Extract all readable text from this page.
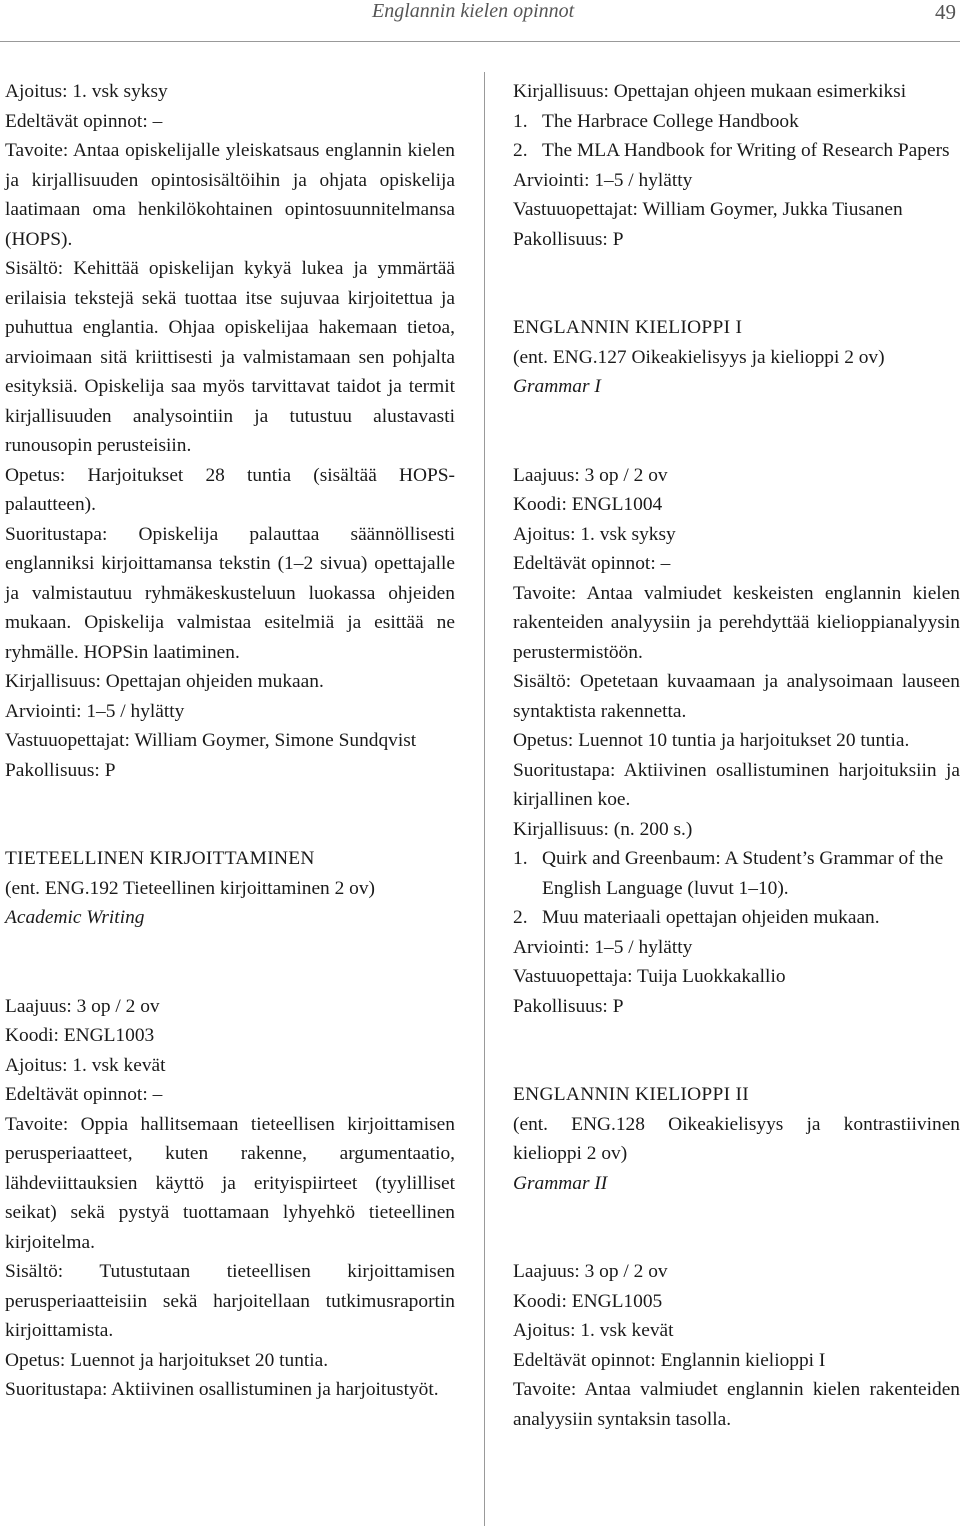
Englannin kielen opinnot	49

Ajoitus: 1. vsk syksy

Edeltävät opinnot: –

Tavoite: Antaa opiskelijalle yleiskatsaus englannin kielen ja kirjallisuuden opintosisältöihin ja ohjata opiskelija laatimaan oma henkilökohtainen opintosuunnitelmansa (HOPS).

Sisältö: Kehittää opiskelijan kykyä lukea ja ymmärtää erilaisia tekstejä sekä tuottaa itse sujuvaa kirjoitettua ja puhuttua englantia. Ohjaa opiskelijaa hakemaan tietoa, arvioimaan sitä kriittisesti ja valmistamaan sen pohjalta esityksiä. Opiskelija saa myös tarvittavat taidot ja termit kirjallisuuden analysointiin ja tutustuu alustavasti runousopin perusteisiin.

Opetus: Harjoitukset 28 tuntia (sisältää HOPS-palautteen).

Suoritustapa: Opiskelija palauttaa säännöllisesti englanniksi kirjoittamansa tekstin (1–2 sivua) opettajalle ja valmistautuu ryhmäkeskusteluun luokassa ohjeiden mukaan. Opiskelija valmistaa esitelmiä ja esittää ne ryhmälle. HOPSin laatiminen.

Kirjallisuus: Opettajan ohjeiden mukaan.

Arviointi: 1–5 / hylätty

Vastuuopettajat: William Goymer, Simone Sundqvist

Pakollisuus: P

TIETEELLINEN KIRJOITTAMINEN

(ent. ENG.192 Tieteellinen kirjoittaminen 2 ov)

Academic Writing

Laajuus: 3 op / 2 ov

Koodi: ENGL1003

Ajoitus: 1. vsk kevät

Edeltävät opinnot: –

Tavoite: Oppia hallitsemaan tieteellisen kirjoittamisen perusperiaatteet, kuten rakenne, argumentaatio, lähdeviittauksien käyttö ja erityispiirteet (tyylilliset seikat) sekä pystyä tuottamaan lyhyehkö tieteellinen kirjoitelma.

Sisältö: Tutustutaan tieteellisen kirjoittamisen perusperiaatteisiin sekä harjoitellaan tutkimusraportin kirjoittamista.

Opetus: Luennot ja harjoitukset 20 tuntia.

Suoritustapa: Aktiivinen osallistuminen ja harjoitustyöt.

Kirjallisuus: Opettajan ohjeen mukaan esimerkiksi

1. The Harbrace College Handbook

2. The MLA Handbook for Writing of Research Papers

Arviointi: 1–5 / hylätty

Vastuuopettajat: William Goymer, Jukka Tiusanen

Pakollisuus: P

ENGLANNIN KIELIOPPI I

(ent. ENG.127 Oikeakielisyys ja kielioppi 2 ov)

Grammar I

Laajuus: 3 op / 2 ov

Koodi: ENGL1004

Ajoitus: 1. vsk syksy

Edeltävät opinnot: –

Tavoite: Antaa valmiudet keskeisten englannin kielen rakenteiden analyysiin ja perehdyttää kielioppianalyysin perustermistöön.

Sisältö: Opetetaan kuvaamaan ja analysoimaan lauseen syntaktista rakennetta.

Opetus: Luennot 10 tuntia ja harjoitukset 20 tuntia.

Suoritustapa: Aktiivinen osallistuminen harjoituksiin ja kirjallinen koe.

Kirjallisuus: (n. 200 s.)

1. Quirk and Greenbaum: A Student’s Grammar of the English Language (luvut 1–10).

2. Muu materiaali opettajan ohjeiden mukaan.

Arviointi: 1–5 / hylätty

Vastuuopettaja: Tuija Luokkakallio

Pakollisuus: P

ENGLANNIN KIELIOPPI II

(ent. ENG.128 Oikeakielisyys ja kontrastiivinen kielioppi 2 ov)

Grammar II

Laajuus: 3 op / 2 ov

Koodi: ENGL1005

Ajoitus: 1. vsk kevät

Edeltävät opinnot: Englannin kielioppi I

Tavoite: Antaa valmiudet englannin kielen rakenteiden analyysiin syntaksin tasolla.
